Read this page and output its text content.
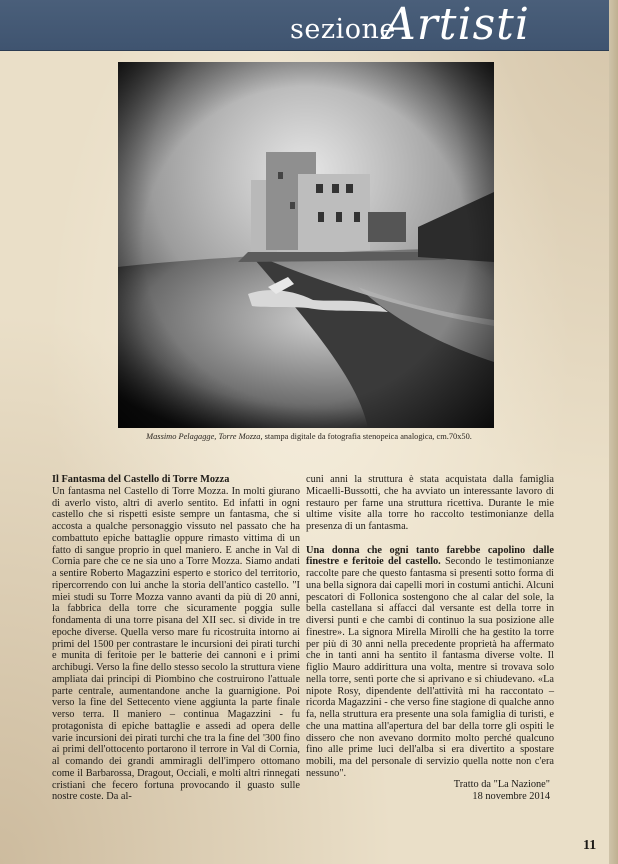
sezione
Artisti
Massimo Pelagagge, Torre Mozza, stampa digitale da fotografia stenopeica analogica, cm.70x50.
Il Fantasma del Castello di Torre Mozza

Un fantasma nel Castello di Torre Mozza. In molti giurano di averlo visto, altri di averlo sentito. Ed infatti in ogni castello che si rispetti esiste sempre un fantasma, che si accosta a qualche personaggio vissuto nel passato che ha combattuto epiche battaglie oppure rimasto vittima di un fatto di sangue proprio in quel maniero. E anche in Val di Cornia pare che ce ne sia uno a Torre Mozza. Siamo andati a sentire Roberto Magazzini esperto e storico del territorio, ripercorrendo con lui anche la storia dell'antico castello. "I miei studi su Torre Mozza vanno avanti da più di 20 anni, la fabbrica della torre che sicuramente poggia sulle fondamenta di una torre pisana del XII sec. si divide in tre epoche diverse. Quella verso mare fu ricostruita intorno ai primi del 1500 per contrastare le incursioni dei pirati turchi e munita di feritoie per le batterie dei cannoni e i primi archibugi. Verso la fine dello stesso secolo la struttura viene ampliata dai principi di Piombino che costruirono l'attuale parte centrale, aumentandone anche la guarnigione. Poi verso la fine del Settecento viene aggiunta la parte finale verso terra. Il maniero – continua Magazzini - fu protagonista di epiche battaglie e assedi ad opera delle varie incursioni dei pirati turchi che tra la fine del '300 fino ai primi dell'ottocento portarono il terrore in Val di Cornia, al comando dei grandi ammiragli dell'impero ottomano come il Barbarossa, Dragout, Occiali, e molti altri rinnegati cristiani che fecero fortuna provocando il guasto sulle nostre coste. Da al-

cuni anni la struttura è stata acquistata dalla famiglia Micaelli-Bussotti, che ha avviato un interessante lavoro di restauro per farne una struttura ricettiva. Durante le mie ultime visite alla torre ho raccolto testimonianze della presenza di un fantasma.

Una donna che ogni tanto farebbe capolino dalle finestre e feritoie del castello. Secondo le testimonianze raccolte pare che questo fantasma si presenti sotto forma di una bella signora dai capelli mori in costumi antichi. Alcuni pescatori di Follonica sostengono che al calar del sole, la bella castellana si affacci dal versante est della torre in diversi punti e che cambi di continuo la sua posizione alle finestre». La signora Mirella Mirolli che ha gestito la torre per più di 30 anni nella precedente proprietà ha affermato che in tanti anni ha sentito il fantasma diverse volte. Il figlio Mauro addirittura una volta, mentre si trovava solo nella torre, sentì porte che si aprivano e si chiudevano. «La nipote Rosy, dipendente dell'attività mi ha raccontato – ricorda Magazzini - che verso fine stagione di qualche anno fa, nella struttura era presente una sola famiglia di turisti, e che una mattina all'apertura del bar della torre gli ospiti le dissero che non avevano dormito molto perché qualcuno fino alle prime luci dell'alba si era divertito a spostare mobili, ma del personale di servizio quella notte non c'era nessuno".

Tratto da "La Nazione"
18 novembre 2014
11
